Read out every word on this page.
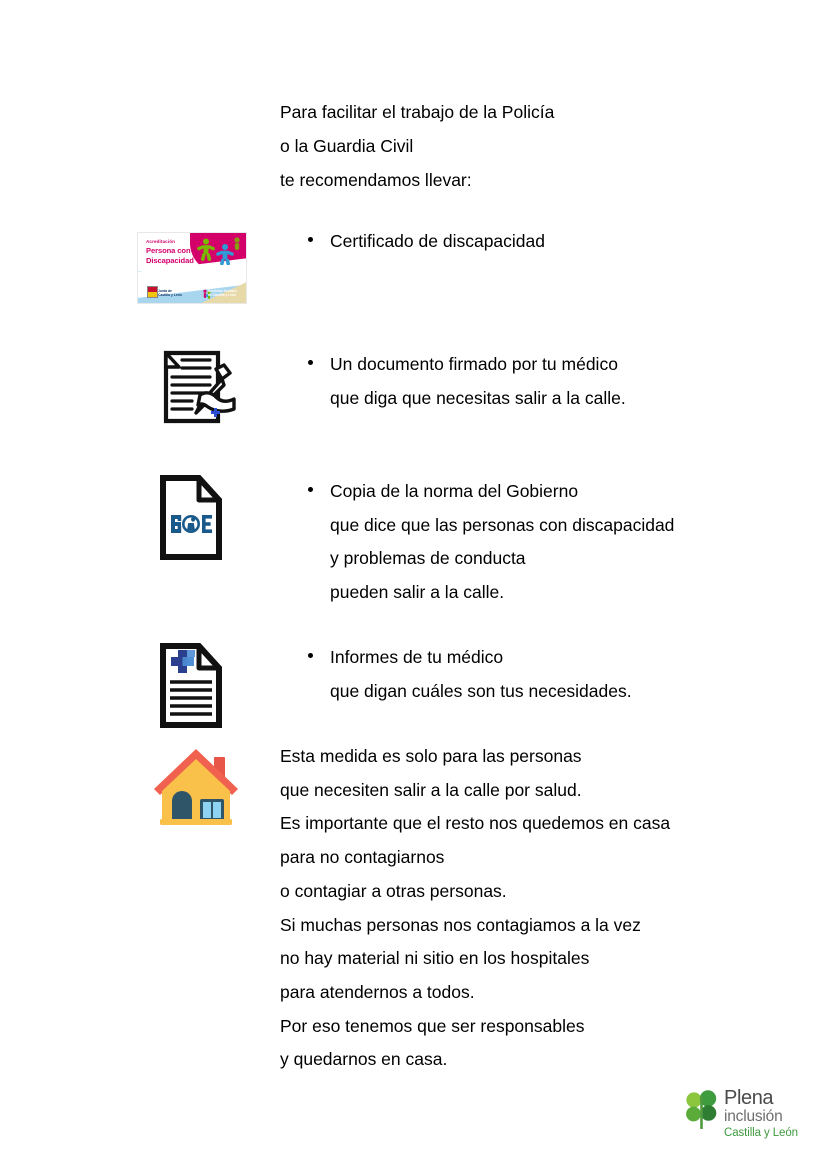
Para facilitar el trabajo de la Policía
o la Guardia Civil
te recomendamos llevar:
Acreditación
Persona con
Discapacidad
Junta de
Castilla y León
Servicios Sociales
de Castilla y León
Certificado de discapacidad
Un documento firmado por tu médico
que diga que necesitas salir a la calle.
Copia de la norma del Gobierno
que dice que las personas con discapacidad
y problemas de conducta
pueden salir a la calle.
Informes de tu médico
que digan cuáles son tus necesidades.
Esta medida es solo para las personas
que necesiten salir a la calle por salud.
Es importante que el resto nos quedemos en casa
para no contagiarnos
o contagiar a otras personas.
Si muchas personas nos contagiamos a la vez
no hay material ni sitio en los hospitales
para atendernos a todos.
Por eso tenemos que ser responsables
y quedarnos en casa.
Plena
inclusión
Castilla y León
